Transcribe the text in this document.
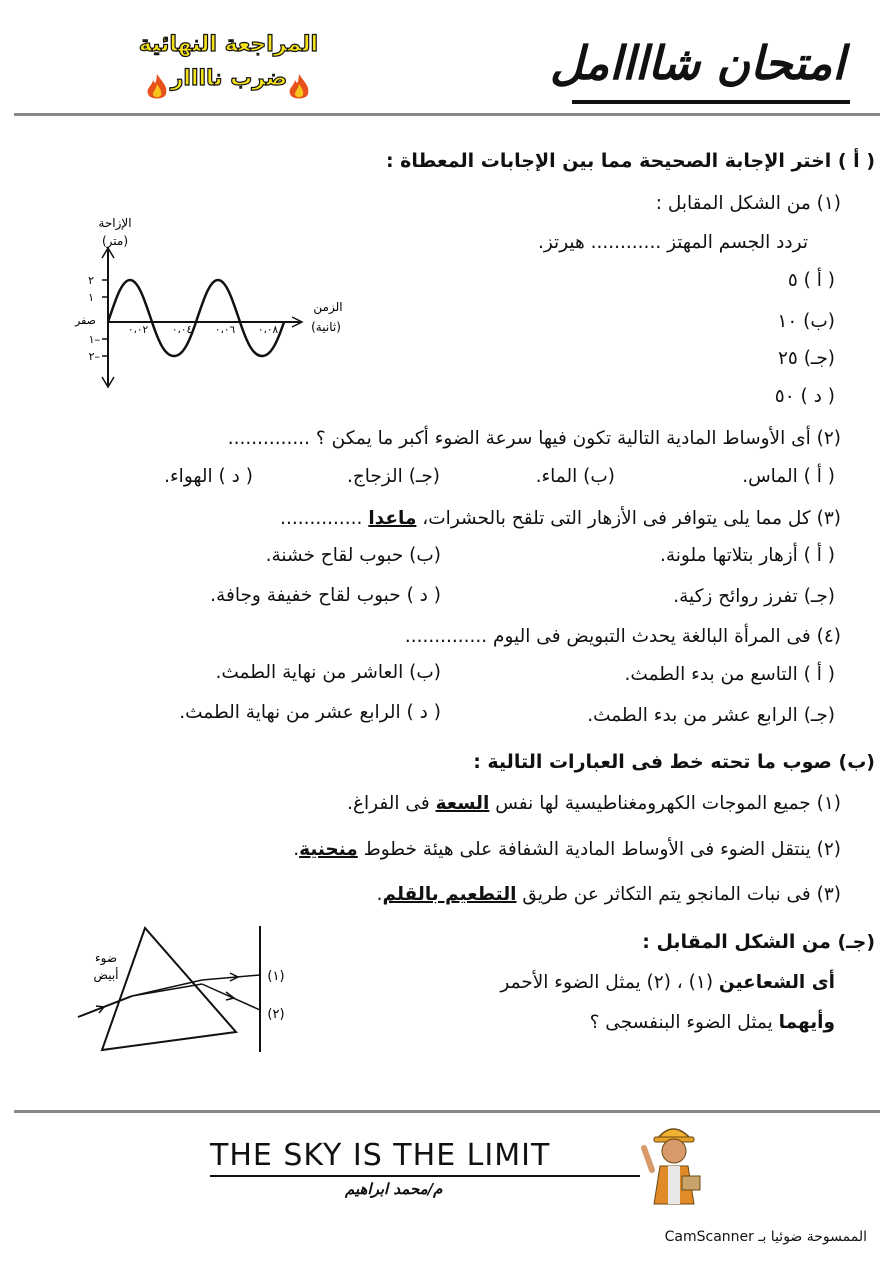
امتحان شاااامل
المراجعة النهائية
ضرب ناااار
( أ ) اختر الإجابة الصحيحة مما بين الإجابات المعطاة :
(١) من الشكل المقابل :
تردد الجسم المهتز ............ هيرتز.
( أ ) ٥
(ب) ١٠
(جـ) ٢٥
( د ) ٥٠
الإزاحة
(متر)
٢
١
صفر
١–
٢–
٠،٠٢ ٠،٠٤ ٠،٠٦ ٠،٠٨
الزمن
(ثانية)
(٢) أى الأوساط المادية التالية تكون فيها سرعة الضوء أكبر ما يمكن ؟ ..............
( أ ) الماس.
(ب) الماء.
(جـ) الزجاج.
( د ) الهواء.
(٣) كل مما يلى يتوافر فى الأزهار التى تلقح بالحشرات، ماعدا ..............
( أ ) أزهار بتلاتها ملونة.
(ب) حبوب لقاح خشنة.
(جـ) تفرز روائح زكية.
( د ) حبوب لقاح خفيفة وجافة.
(٤) فى المرأة البالغة يحدث التبويض فى اليوم ..............
( أ ) التاسع من بدء الطمث.
(ب) العاشر من نهاية الطمث.
(جـ) الرابع عشر من بدء الطمث.
( د ) الرابع عشر من نهاية الطمث.
(ب) صوب ما تحته خط فى العبارات التالية :
(١) جميع الموجات الكهرومغناطيسية لها نفس السعة فى الفراغ.
(٢) ينتقل الضوء فى الأوساط المادية الشفافة على هيئة خطوط منحنية.
(٣) فى نبات المانجو يتم التكاثر عن طريق التطعيم بالقلم.
(جـ) من الشكل المقابل :
أى الشعاعين (١) ، (٢) يمثل الضوء الأحمر
وأيهما يمثل الضوء البنفسجى ؟
ضوء
أبيض	(١)
(٢)
THE SKY IS THE LIMIT
م/محمد ابراهيم
الممسوحة ضوئيا بـ CamScanner
